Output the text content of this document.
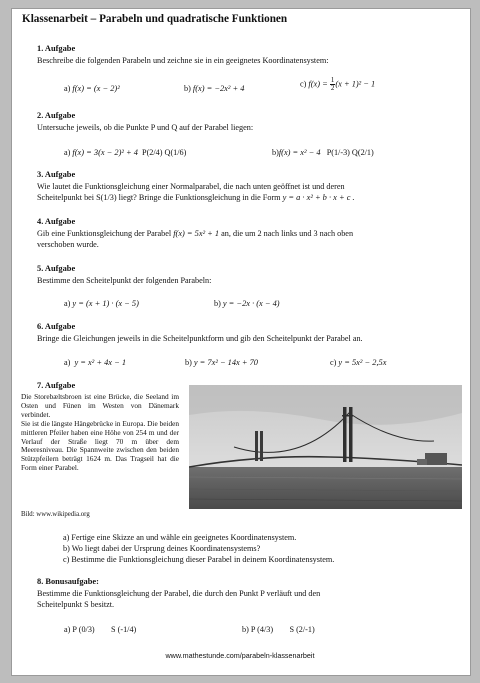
Klassenarbeit – Parabeln und quadratische Funktionen
1. Aufgabe
Beschreibe die folgenden Parabeln und zeichne sie in ein geeignetes Koordinatensystem:
a) f(x) = (x − 2)²	b) f(x) = −2x² + 4
c) $f(x) = \frac{1}{2} (x + 1)^2 - 1$
2. Aufgabe
Untersuche jeweils, ob die Punkte P und Q auf der Parabel liegen:
a) f(x) = 3(x − 2)² + 4 P(2/4) Q(1/6)	b)f(x) = x² − 4 P(1/-3) Q(2/1)
3. Aufgabe
Wie lautet die Funktionsgleichung einer Normalparabel, die nach unten geöffnet ist und deren
Scheitelpunkt bei S(1/3) liegt? Bringe die Funktionsgleichung in die Form y = a · x² + b · x + c .
4. Aufgabe
Gib eine Funktionsgleichung der Parabel f(x) = 5x² + 1 an, die um 2 nach links und 3 nach oben
verschoben wurde.
5. Aufgabe
Bestimme den Scheitelpunkt der folgenden Parabeln:
a) y = (x + 1) · (x − 5)	b) y = −2x · (x − 4)
6. Aufgabe
Bringe die Gleichungen jeweils in die Scheitelpunktform und gib den Scheitelpunkt der Parabel an.
a) y = x² + 4x − 1	b) y = 7x² − 14x + 70	c) y = 5x² − 2,5x
7. Aufgabe

Die Storebæltsbroen ist eine Brücke, die Seeland im Osten und Fünen im Westen von Dänemark verbindet.

Sie ist die längste Hängebrücke in Europa. Die beiden mittleren Pfeiler haben eine Höhe von 254 m und der Verlauf der Straße liegt 70 m über dem Meeresniveau. Die Spannweite zwischen den beiden Stützpfeilern beträgt 1624 m. Das Tragseil hat die Form einer Parabel.

Bild: www.wikipedia.org
a) Fertige eine Skizze an und wähle ein geeignetes Koordinatensystem.
b) Wo liegt dabei der Ursprung deines Koordinatensystems?
c) Bestimme die Funktionsgleichung dieser Parabel in deinem Koordinatensystem.
8. Bonusaufgabe:
Bestimme die Funktionsgleichung der Parabel, die durch den Punkt P verläuft und den
Scheitelpunkt S besitzt.
a) P (0/3) S (-1/4)	b) P (4/3) S (2/-1)
www.mathestunde.com/parabeln-klassenarbeit
